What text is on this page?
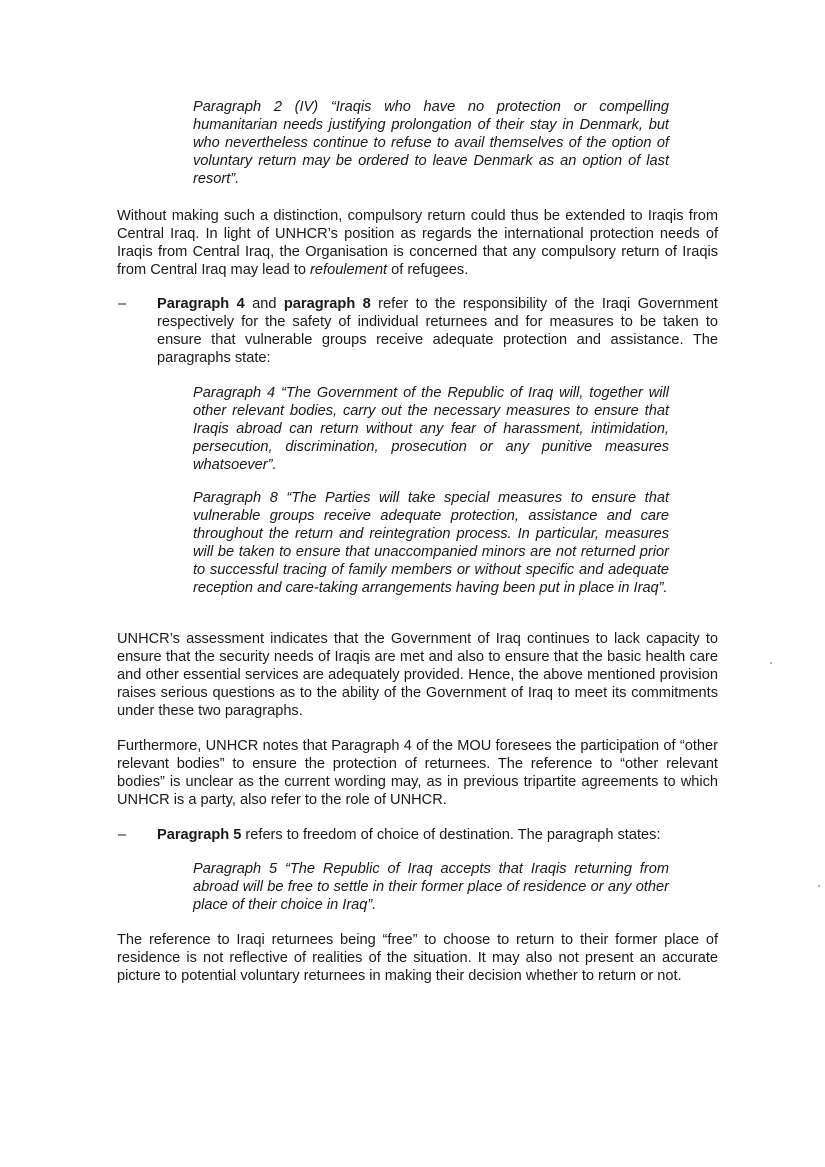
Paragraph 2 (IV) “Iraqis who have no protection or compelling humanitarian needs justifying prolongation of their stay in Denmark, but who nevertheless continue to refuse to avail themselves of the option of voluntary return may be ordered to leave Denmark as an option of last resort”.
Without making such a distinction, compulsory return could thus be extended to Iraqis from Central Iraq. In light of UNHCR’s position as regards the international protection needs of Iraqis from Central Iraq, the Organisation is concerned that any compulsory return of Iraqis from Central Iraq may lead to refoulement of refugees.
– Paragraph 4 and paragraph 8 refer to the responsibility of the Iraqi Government respectively for the safety of individual returnees and for measures to be taken to ensure that vulnerable groups receive adequate protection and assistance. The paragraphs state:
Paragraph 4 “The Government of the Republic of Iraq will, together will other relevant bodies, carry out the necessary measures to ensure that Iraqis abroad can return without any fear of harassment, intimidation, persecution, discrimination, prosecution or any punitive measures whatsoever”.
Paragraph 8 “The Parties will take special measures to ensure that vulnerable groups receive adequate protection, assistance and care throughout the return and reintegration process. In particular, measures will be taken to ensure that unaccompanied minors are not returned prior to successful tracing of family members or without specific and adequate reception and care-taking arrangements having been put in place in Iraq”.
UNHCR’s assessment indicates that the Government of Iraq continues to lack capacity to ensure that the security needs of Iraqis are met and also to ensure that the basic health care and other essential services are adequately provided. Hence, the above mentioned provision raises serious questions as to the ability of the Government of Iraq to meet its commitments under these two paragraphs.
Furthermore, UNHCR notes that Paragraph 4 of the MOU foresees the participation of “other relevant bodies” to ensure the protection of returnees. The reference to “other relevant bodies” is unclear as the current wording may, as in previous tripartite agreements to which UNHCR is a party, also refer to the role of UNHCR.
– Paragraph 5 refers to freedom of choice of destination. The paragraph states:
Paragraph 5 “The Republic of Iraq accepts that Iraqis returning from abroad will be free to settle in their former place of residence or any other place of their choice in Iraq”.
The reference to Iraqi returnees being “free” to choose to return to their former place of residence is not reflective of realities of the situation. It may also not present an accurate picture to potential voluntary returnees in making their decision whether to return or not.
